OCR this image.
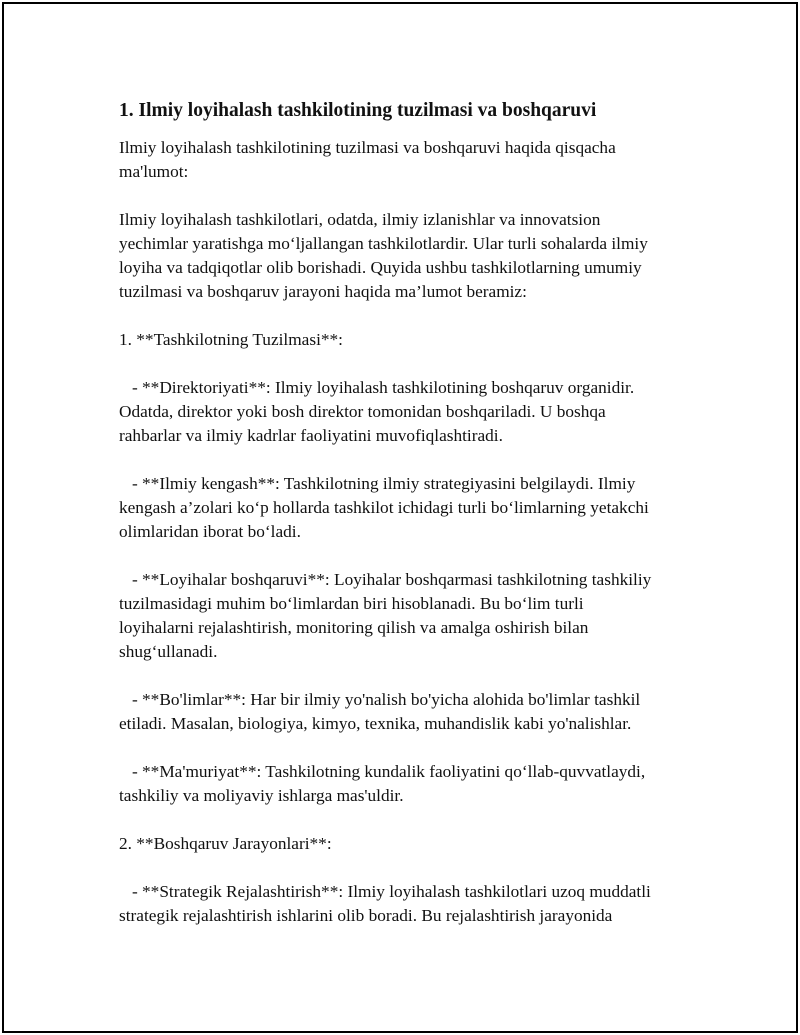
1. Ilmiy loyihalash tashkilotining tuzilmasi va boshqaruvi

Ilmiy loyihalash tashkilotining tuzilmasi va boshqaruvi haqida qisqacha

ma'lumot:

Ilmiy loyihalash tashkilotlari, odatda, ilmiy izlanishlar va innovatsion

yechimlar yaratishga mo‘ljallangan tashkilotlardir. Ular turli sohalarda ilmiy

loyiha va tadqiqotlar olib borishadi. Quyida ushbu tashkilotlarning umumiy

tuzilmasi va boshqaruv jarayoni haqida ma’lumot beramiz:

1. **Tashkilotning Tuzilmasi**:

- **Direktoriyati**: Ilmiy loyihalash tashkilotining boshqaruv organidir.

Odatda, direktor yoki bosh direktor tomonidan boshqariladi. U boshqa

rahbarlar va ilmiy kadrlar faoliyatini muvofiqlashtiradi.

- **Ilmiy kengash**: Tashkilotning ilmiy strategiyasini belgilaydi. Ilmiy

kengash a’zolari ko‘p hollarda tashkilot ichidagi turli bo‘limlarning yetakchi

olimlaridan iborat bo‘ladi.

- **Loyihalar boshqaruvi**: Loyihalar boshqarmasi tashkilotning tashkiliy

tuzilmasidagi muhim bo‘limlardan biri hisoblanadi. Bu bo‘lim turli

loyihalarni rejalashtirish, monitoring qilish va amalga oshirish bilan

shug‘ullanadi.

- **Bo'limlar**: Har bir ilmiy yo'nalish bo'yicha alohida bo'limlar tashkil

etiladi. Masalan, biologiya, kimyo, texnika, muhandislik kabi yo'nalishlar.

- **Ma'muriyat**: Tashkilotning kundalik faoliyatini qo‘llab-quvvatlaydi,

tashkiliy va moliyaviy ishlarga mas'uldir.

2. **Boshqaruv Jarayonlari**:

- **Strategik Rejalashtirish**: Ilmiy loyihalash tashkilotlari uzoq muddatli

strategik rejalashtirish ishlarini olib boradi. Bu rejalashtirish jarayonida
